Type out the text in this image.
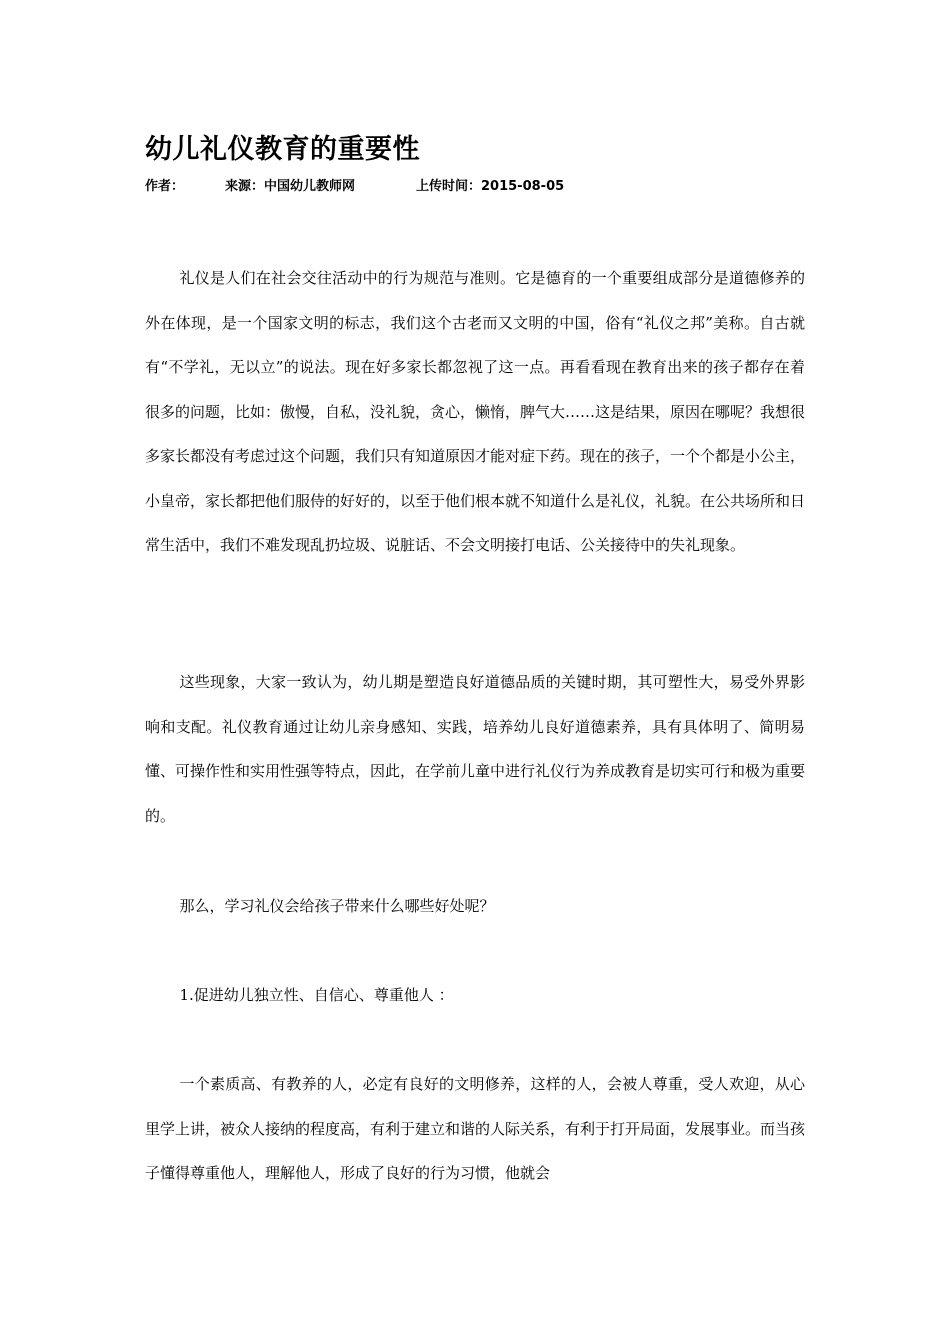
幼儿礼仪教育的重要性
作者：	来源：中国幼儿教师网	上传时间：2015-08-05

礼仪是人们在社会交往活动中的行为规范与准则。它是德育的一个重要组成部分是道德修养的外在体现，是一个国家文明的标志，我们这个古老而又文明的中国，俗有“礼仪之邦”美称。自古就有“不学礼，无以立”的说法。现在好多家长都忽视了这一点。再看看现在教育出来的孩子都存在着很多的问题，比如：傲慢，自私，没礼貌，贪心，懒惰，脾气大……这是结果，原因在哪呢？我想很多家长都没有考虑过这个问题，我们只有知道原因才能对症下药。现在的孩子，一个个都是小公主，小皇帝，家长都把他们服侍的好好的，以至于他们根本就不知道什么是礼仪，礼貌。在公共场所和日常生活中，我们不难发现乱扔垃圾、说脏话、不会文明接打电话、公关接待中的失礼现象。

这些现象，大家一致认为，幼儿期是塑造良好道德品质的关键时期，其可塑性大，易受外界影响和支配。礼仪教育通过让幼儿亲身感知、实践，培养幼儿良好道德素养，具有具体明了、简明易懂、可操作性和实用性强等特点，因此，在学前儿童中进行礼仪行为养成教育是切实可行和极为重要的。

那么，学习礼仪会给孩子带来什么哪些好处呢？

1.促进幼儿独立性、自信心、尊重他人 ：

一个素质高、有教养的人，必定有良好的文明修养，这样的人，会被人尊重，受人欢迎，从心里学上讲，被众人接纳的程度高，有利于建立和谐的人际关系，有利于打开局面，发展事业。而当孩子懂得尊重他人，理解他人，形成了良好的行为习惯，他就会
